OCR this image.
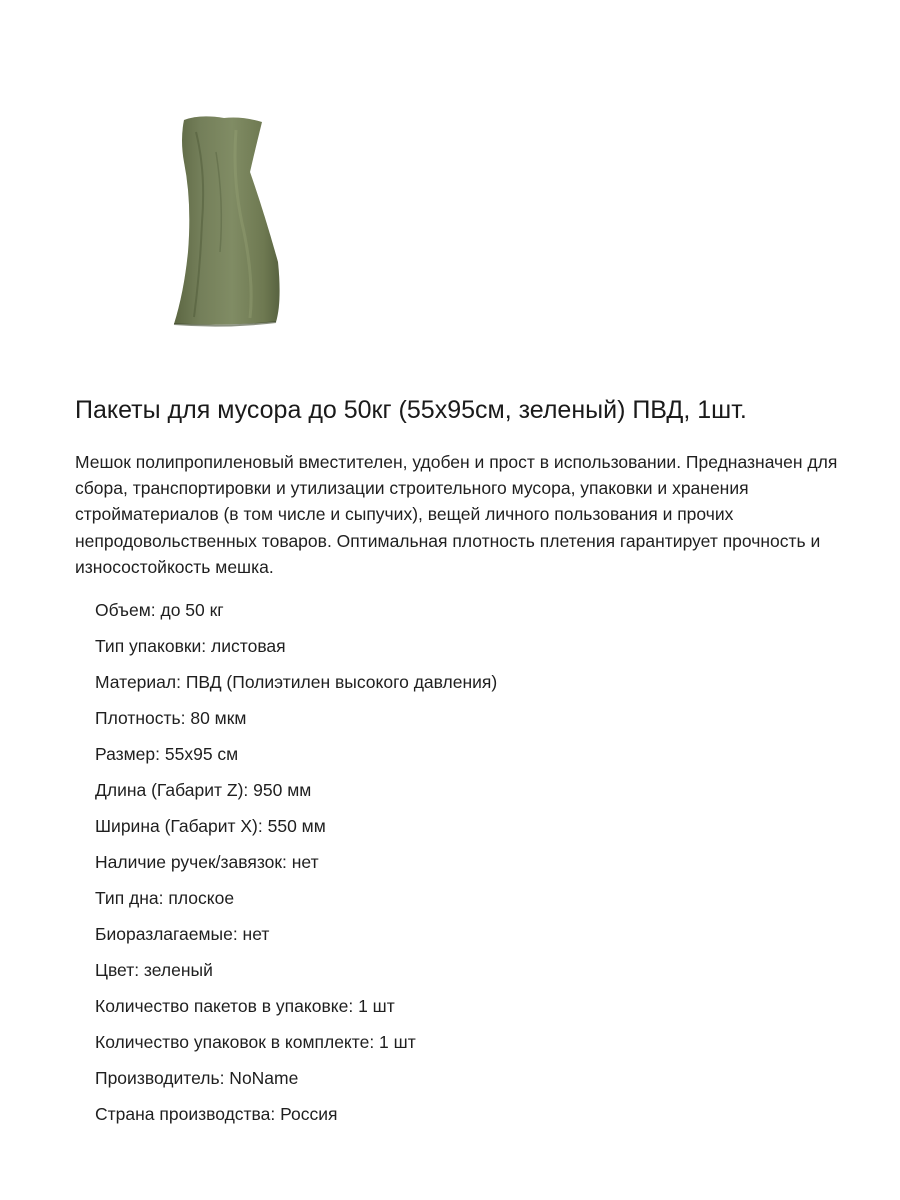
Пакеты для мусора до 50кг (55х95см, зеленый) ПВД, 1шт.

Мешок полипропиленовый вместителен, удобен и прост в использовании. Предназначен для сбора, транспортировки и утилизации строительного мусора, упаковки и хранения стройматериалов (в том числе и сыпучих), вещей личного пользования и прочих непродовольственных товаров. Оптимальная плотность плетения гарантирует прочность и износостойкость мешка.

Объем: до 50 кг
Тип упаковки: листовая
Материал: ПВД (Полиэтилен высокого давления)
Плотность: 80 мкм
Размер: 55х95 см
Длина (Габарит Z): 950 мм
Ширина (Габарит X): 550 мм
Наличие ручек/завязок: нет
Тип дна: плоское
Биоразлагаемые: нет
Цвет: зеленый
Количество пакетов в упаковке: 1 шт
Количество упаковок в комплекте: 1 шт
Производитель: NoName
Страна производства: Россия
